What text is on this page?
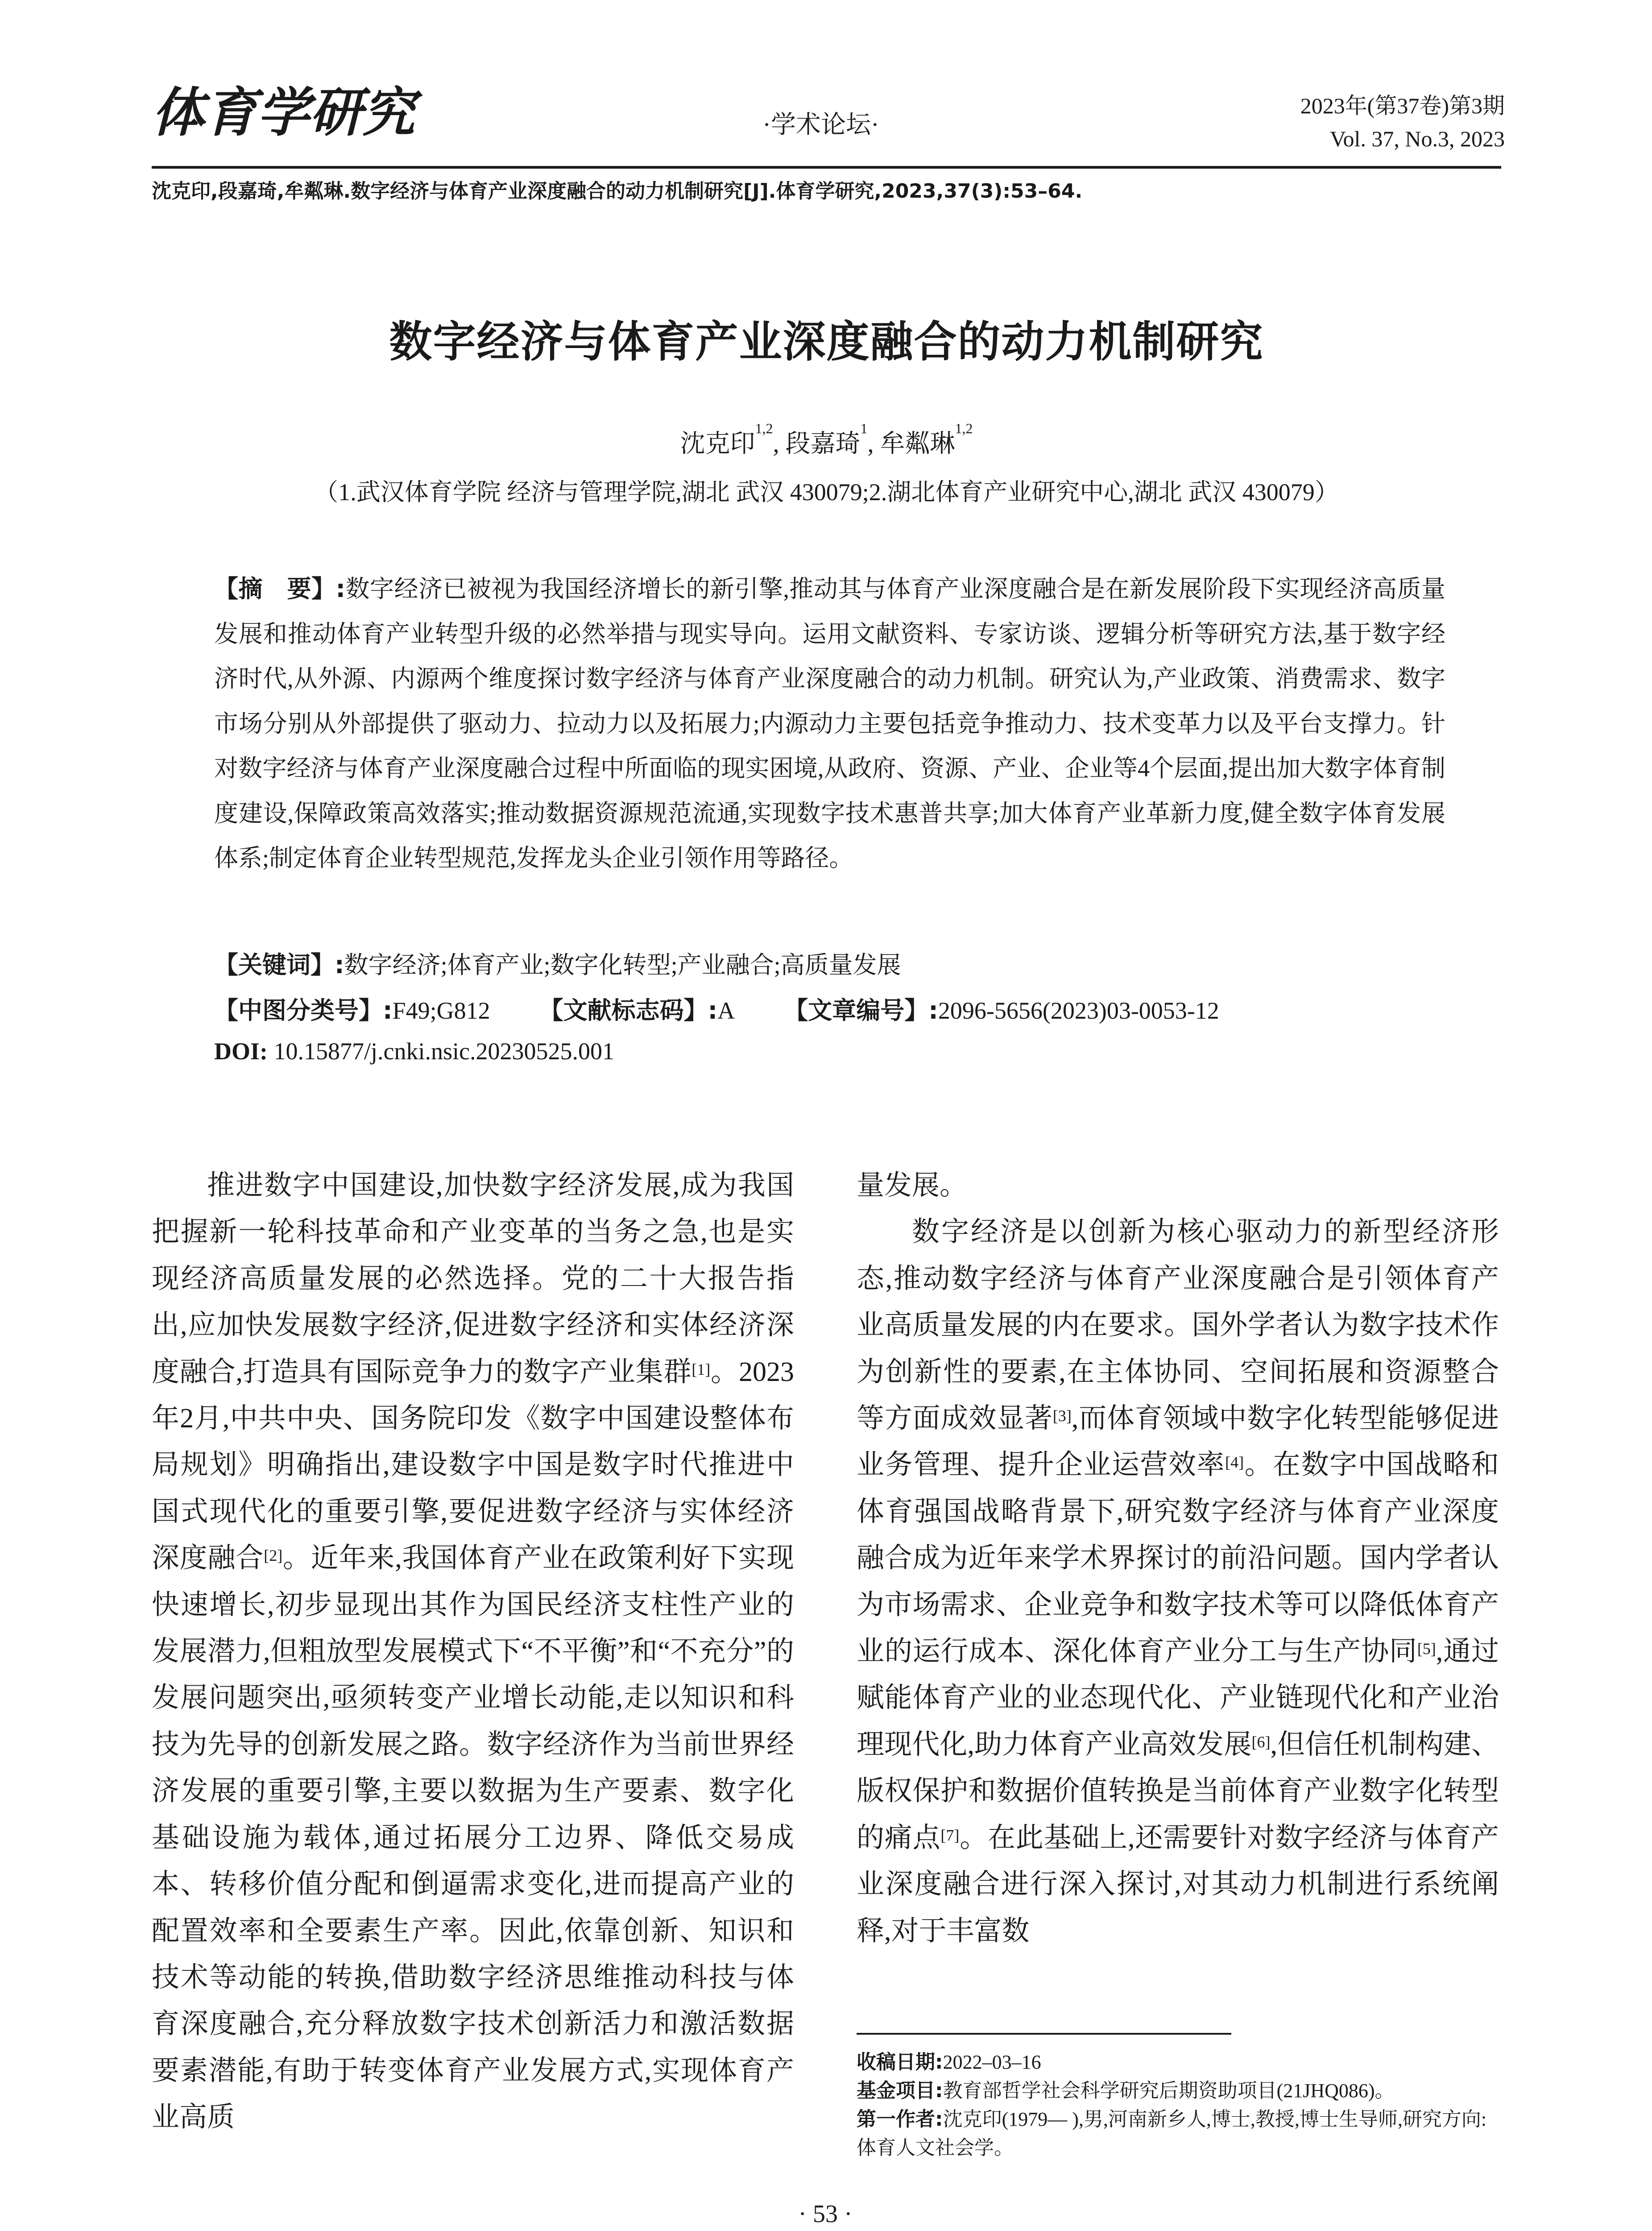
体育学研究	·学术论坛·
2023年(第37卷)第3期
Vol. 37, No.3, 2023
沈克印,段嘉琦,牟粼琳.数字经济与体育产业深度融合的动力机制研究[J].体育学研究,2023,37(3):53–64.
数字经济与体育产业深度融合的动力机制研究
沈克印$^{1,2}$, 段嘉琦$^1$, 牟粼琳$^{1,2}$
（1.武汉体育学院 经济与管理学院,湖北 武汉 430079;2.湖北体育产业研究中心,湖北 武汉 430079）
【摘　要】:数字经济已被视为我国经济增长的新引擎,推动其与体育产业深度融合是在新发展阶段下实现经济高质量发展和推动体育产业转型升级的必然举措与现实导向。运用文献资料、专家访谈、逻辑分析等研究方法,基于数字经济时代,从外源、内源两个维度探讨数字经济与体育产业深度融合的动力机制。研究认为,产业政策、消费需求、数字市场分别从外部提供了驱动力、拉动力以及拓展力;内源动力主要包括竞争推动力、技术变革力以及平台支撑力。针对数字经济与体育产业深度融合过程中所面临的现实困境,从政府、资源、产业、企业等4个层面,提出加大数字体育制度建设,保障政策高效落实;推动数据资源规范流通,实现数字技术惠普共享;加大体育产业革新力度,健全数字体育发展体系;制定体育企业转型规范,发挥龙头企业引领作用等路径。
【关键词】:数字经济;体育产业;数字化转型;产业融合;高质量发展
【中图分类号】:F49;G812 【文献标志码】:A 【文章编号】:2096-5656(2023)03-0053-12
DOI: 10.15877/j.cnki.nsic.20230525.001

推进数字中国建设,加快数字经济发展,成为我国把握新一轮科技革命和产业变革的当务之急,也是实现经济高质量发展的必然选择。党的二十大报告指出,应加快发展数字经济,促进数字经济和实体经济深度融合,打造具有国际竞争力的数字产业集群[1]。2023年2月,中共中央、国务院印发《数字中国建设整体布局规划》明确指出,建设数字中国是数字时代推进中国式现代化的重要引擎,要促进数字经济与实体经济深度融合[2]。近年来,我国体育产业在政策利好下实现快速增长,初步显现出其作为国民经济支柱性产业的发展潜力,但粗放型发展模式下“不平衡”和“不充分”的发展问题突出,亟须转变产业增长动能,走以知识和科技为先导的创新发展之路。数字经济作为当前世界经济发展的重要引擎,主要以数据为生产要素、数字化基础设施为载体,通过拓展分工边界、降低交易成本、转移价值分配和倒逼需求变化,进而提高产业的配置效率和全要素生产率。因此,依靠创新、知识和技术等动能的转换,借助数字经济思维推动科技与体育深度融合,充分释放数字技术创新活力和激活数据要素潜能,有助于转变体育产业发展方式,实现体育产业高质

量发展。

数字经济是以创新为核心驱动力的新型经济形态,推动数字经济与体育产业深度融合是引领体育产业高质量发展的内在要求。国外学者认为数字技术作为创新性的要素,在主体协同、空间拓展和资源整合等方面成效显著[3],而体育领域中数字化转型能够促进业务管理、提升企业运营效率[4]。在数字中国战略和体育强国战略背景下,研究数字经济与体育产业深度融合成为近年来学术界探讨的前沿问题。国内学者认为市场需求、企业竞争和数字技术等可以降低体育产业的运行成本、深化体育产业分工与生产协同[5],通过赋能体育产业的业态现代化、产业链现代化和产业治理现代化,助力体育产业高效发展[6],但信任机制构建、版权保护和数据价值转换是当前体育产业数字化转型的痛点[7]。在此基础上,还需要针对数字经济与体育产业深度融合进行深入探讨,对其动力机制进行系统阐释,对于丰富数

收稿日期:2022–03–16
基金项目:教育部哲学社会科学研究后期资助项目(21JHQ086)。
第一作者:沈克印(1979— ),男,河南新乡人,博士,教授,博士生导师,研究方向:体育人文社会学。
· 53 ·
